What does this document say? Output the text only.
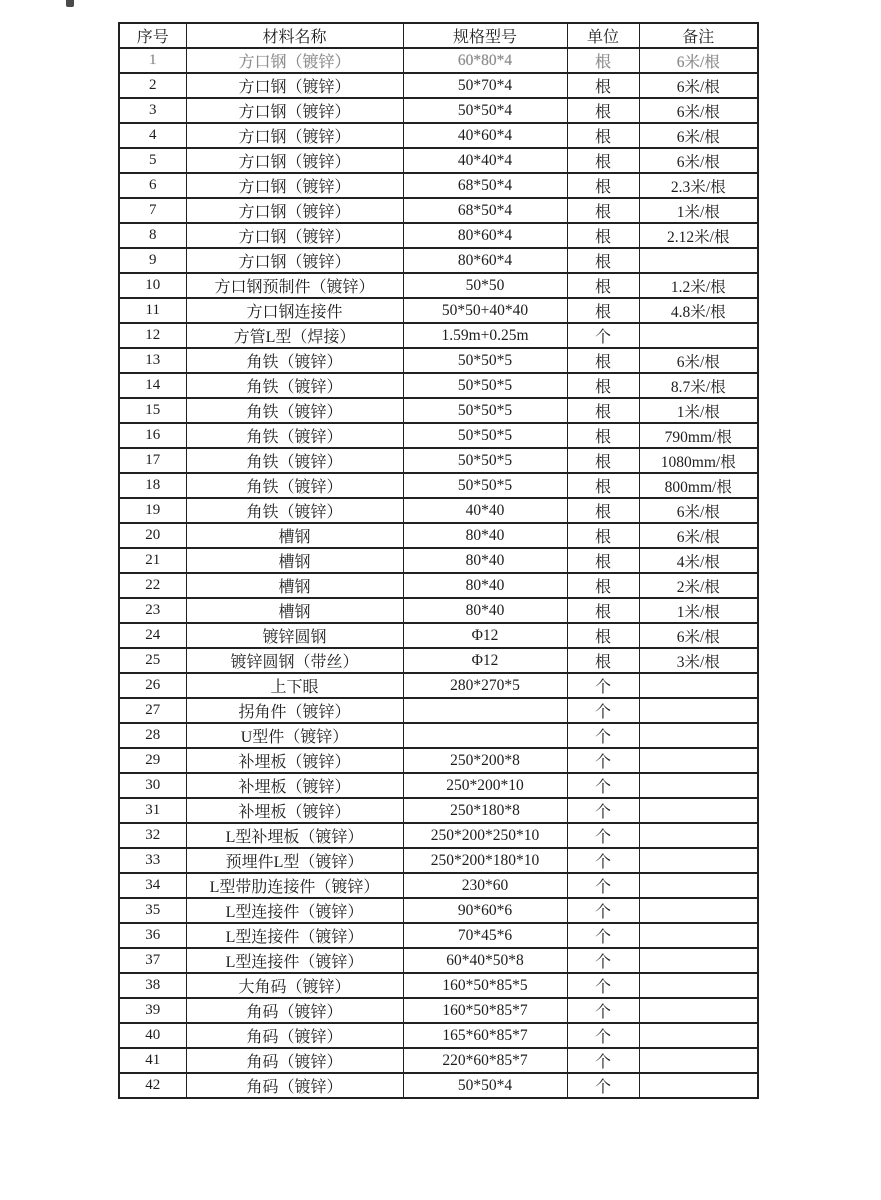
序号	材料名称	规格型号	单位	备注
1	方口钢（镀锌）	60*80*4	根	6米/根
2	方口钢（镀锌）	50*70*4	根	6米/根
3	方口钢（镀锌）	50*50*4	根	6米/根
4	方口钢（镀锌）	40*60*4	根	6米/根
5	方口钢（镀锌）	40*40*4	根	6米/根
6	方口钢（镀锌）	68*50*4	根	2.3米/根
7	方口钢（镀锌）	68*50*4	根	1米/根
8	方口钢（镀锌）	80*60*4	根	2.12米/根
9	方口钢（镀锌）	80*60*4	根	
10	方口钢预制件（镀锌）	50*50	根	1.2米/根
11	方口钢连接件	50*50+40*40	根	4.8米/根
12	方管L型（焊接）	1.59m+0.25m	个	
13	角铁（镀锌）	50*50*5	根	6米/根
14	角铁（镀锌）	50*50*5	根	8.7米/根
15	角铁（镀锌）	50*50*5	根	1米/根
16	角铁（镀锌）	50*50*5	根	790mm/根
17	角铁（镀锌）	50*50*5	根	1080mm/根
18	角铁（镀锌）	50*50*5	根	800mm/根
19	角铁（镀锌）	40*40	根	6米/根
20	槽钢	80*40	根	6米/根
21	槽钢	80*40	根	4米/根
22	槽钢	80*40	根	2米/根
23	槽钢	80*40	根	1米/根
24	镀锌圆钢	Φ12	根	6米/根
25	镀锌圆钢（带丝）	Φ12	根	3米/根
26	上下眼	280*270*5	个	
27	拐角件（镀锌）		个	
28	U型件（镀锌）		个	
29	补埋板（镀锌）	250*200*8	个	
30	补埋板（镀锌）	250*200*10	个	
31	补埋板（镀锌）	250*180*8	个	
32	L型补埋板（镀锌）	250*200*250*10	个	
33	预埋件L型（镀锌）	250*200*180*10	个	
34	L型带肋连接件（镀锌）	230*60	个	
35	L型连接件（镀锌）	90*60*6	个	
36	L型连接件（镀锌）	70*45*6	个	
37	L型连接件（镀锌）	60*40*50*8	个	
38	大角码（镀锌）	160*50*85*5	个	
39	角码（镀锌）	160*50*85*7	个	
40	角码（镀锌）	165*60*85*7	个	
41	角码（镀锌）	220*60*85*7	个	
42	角码（镀锌）	50*50*4	个	
